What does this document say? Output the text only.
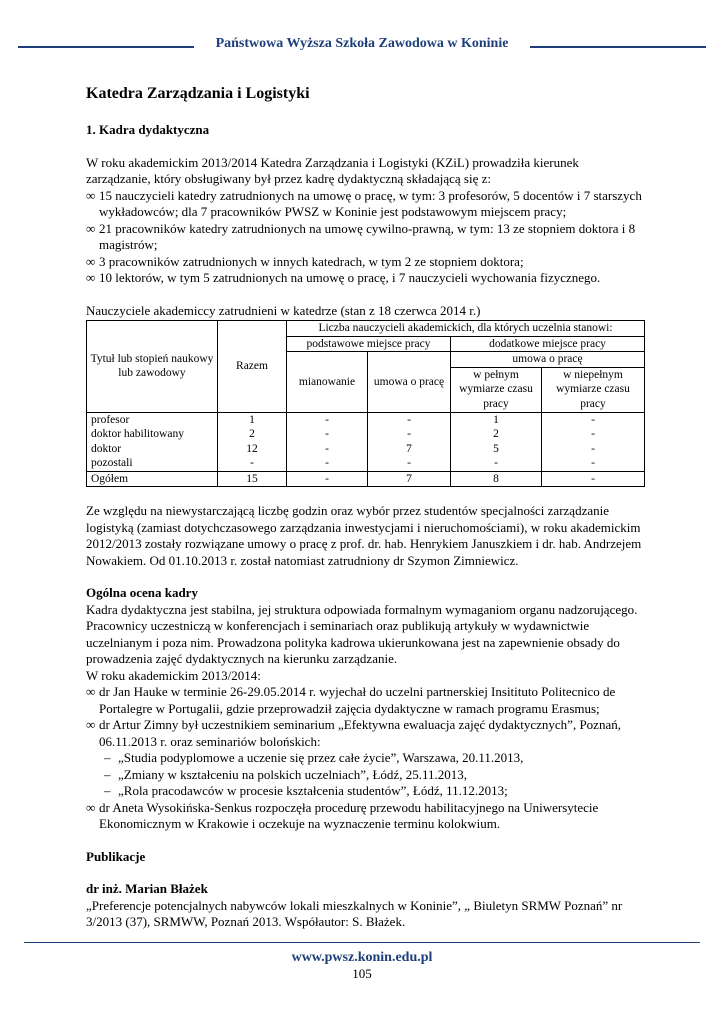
Państwowa Wyższa Szkoła Zawodowa w Koninie
Katedra Zarządzania i Logistyki
1. Kadra dydaktyczna

W roku akademickim 2013/2014 Katedra Zarządzania i Logistyki (KZiL) prowadziła kierunek zarządzanie, który obsługiwany był przez kadrę dydaktyczną składającą się z:

∞ 15 nauczycieli katedry zatrudnionych na umowę o pracę, w tym: 3 profesorów, 5 docentów i 7 starszych wykładowców; dla 7 pracowników PWSZ w Koninie jest podstawowym miejscem pracy;
∞ 21 pracowników katedry zatrudnionych na umowę cywilno-prawną, w tym: 13 ze stopniem doktora i 8 magistrów;
∞ 3 pracowników zatrudnionych w innych katedrach, w tym 2 ze stopniem doktora;
∞ 10 lektorów, w tym 5 zatrudnionych na umowę o pracę, i 7 nauczycieli wychowania fizycznego.

Nauczyciele akademiccy zatrudnieni w katedrze (stan z 18 czerwca 2014 r.)

Tytuł lub stopień naukowy lub zawodowy	Razem	Liczba nauczycieli akademickich, dla których uczelnia stanowi:			
		podstawowe miejsce pracy		dodatkowe miejsce pracy	
		mianowanie	umowa o pracę	umowa o pracę	
				w pełnym wymiarze czasu pracy	w niepełnym wymiarze czasu pracy
profesor	1	-	-	1	-
doktor habilitowany	2	-	-	2	-
doktor	12	-	7	5	-
pozostali	-	-	-	-	-
Ogółem	15	-	7	8	-

Ze względu na niewystarczającą liczbę godzin oraz wybór przez studentów specjalności zarządzanie logistyką (zamiast dotychczasowego zarządzania inwestycjami i nieruchomościami), w roku akademickim 2012/2013 zostały rozwiązane umowy o pracę z prof. dr. hab. Henrykiem Januszkiem i dr. hab. Andrzejem Nowakiem. Od 01.10.2013 r. został natomiast zatrudniony dr Szymon Zimniewicz.

Ogólna ocena kadry

Kadra dydaktyczna jest stabilna, jej struktura odpowiada formalnym wymaganiom organu nadzorującego. Pracownicy uczestniczą w konferencjach i seminariach oraz publikują artykuły w wydawnictwie uczelnianym i poza nim. Prowadzona polityka kadrowa ukierunkowana jest na zapewnienie obsady do prowadzenia zajęć dydaktycznych na kierunku zarządzanie.

W roku akademickim 2013/2014:

∞ dr Jan Hauke w terminie 26-29.05.2014 r. wyjechał do uczelni partnerskiej Insitituto Politecnico de Portalegre w Portugalii, gdzie przeprowadził zajęcia dydaktyczne w ramach programu Erasmus;
∞ dr Artur Zimny był uczestnikiem seminarium „Efektywna ewaluacja zajęć dydaktycznych”, Poznań, 06.11.2013 r. oraz seminariów bolońskich:
– „Studia podyplomowe a uczenie się przez całe życie”, Warszawa, 20.11.2013,
– „Zmiany w kształceniu na polskich uczelniach”, Łódź, 25.11.2013,
– „Rola pracodawców w procesie kształcenia studentów”, Łódź, 11.12.2013;
∞ dr Aneta Wysokińska-Senkus rozpoczęła procedurę przewodu habilitacyjnego na Uniwersytecie Ekonomicznym w Krakowie i oczekuje na wyznaczenie terminu kolokwium.
Publikacje
dr inż. Marian Błażek

„Preferencje potencjalnych nabywców lokali mieszkalnych w Koninie”, „ Biuletyn SRMW Poznań” nr 3/2013 (37), SRMWW, Poznań 2013. Współautor: S. Błażek.

www.pwsz.konin.edu.pl
105
